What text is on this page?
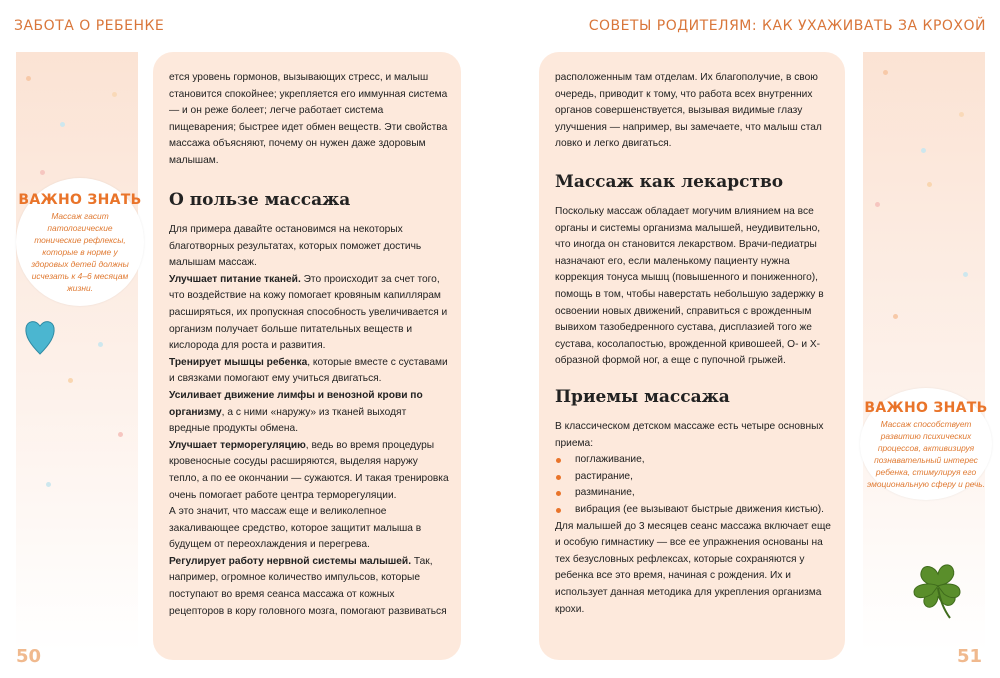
ЗАБОТА О РЕБЕНКЕ	СОВЕТЫ РОДИТЕЛЯМ: КАК УХАЖИВАТЬ ЗА КРОХОЙ
ВАЖНО ЗНАТЬ
Массаж гасит патологические тонические рефлексы, которые в норме у здоровых детей должны исчезать к 4–6 месяцам жизни.
ВАЖНО ЗНАТЬ
Массаж способствует развитию психических процессов, активизируя познавательный интерес ребенка, стимулируя его эмоциональную сферу и речь.
50	51

ется уровень гормонов, вызывающих стресс, и малыш становится спокойнее; укрепляется его иммунная система — и он реже болеет; легче работает система пищеварения; быстрее идет обмен веществ. Эти свойства массажа объясняют, почему он нужен даже здоровым малышам.

О пользе массажа

Для примера давайте остановимся на некоторых благотворных результатах, которых поможет достичь малышам массаж.

Улучшает питание тканей. Это происходит за счет того, что воздействие на кожу помогает кровяным капиллярам расширяться, их пропускная способность увеличивается и организм получает больше питательных веществ и кислорода для роста и развития.

Тренирует мышцы ребенка, которые вместе с суставами и связками помогают ему учиться двигаться.

Усиливает движение лимфы и венозной крови по организму, а с ними «наружу» из тканей выходят вредные продукты обмена.

Улучшает терморегуляцию, ведь во время процедуры кровеносные сосуды расширяются, выделяя наружу тепло, а по ее окончании — сужаются. И такая тренировка очень помогает работе центра терморегуляции.

А это значит, что массаж еще и великолепное закаливающее средство, которое защитит малыша в будущем от переохлаждения и перегрева.

Регулирует работу нервной системы малышей. Так, например, огромное количество импульсов, которые поступают во время сеанса массажа от кожных рецепторов в кору головного мозга, помогают развиваться

расположенным там отделам. Их благополучие, в свою очередь, приводит к тому, что работа всех внутренних органов совершенствуется, вызывая видимые глазу улучшения — например, вы замечаете, что малыш стал ловко и легко двигаться.

Массаж как лекарство

Поскольку массаж обладает могучим влиянием на все органы и системы организма малышей, неудивительно, что иногда он становится лекарством. Врачи-педиатры назначают его, если маленькому пациенту нужна коррекция тонуса мышц (повышенного и пониженного), помощь в том, чтобы наверстать небольшую задержку в освоении новых движений, справиться с врожденным вывихом тазобедренного сустава, дисплазией того же сустава, косолапостью, врожденной кривошеей, О- и Х-образной формой ног, а еще с пупочной грыжей.

Приемы массажа

В классическом детском массаже есть четыре основных приема:

поглаживание,
растирание,
разминание,
вибрация (ее вызывают быстрые движения кистью).

Для малышей до 3 месяцев сеанс массажа включает еще и особую гимнастику — все ее упражнения основаны на тех безусловных рефлексах, которые сохраняются у ребенка все это время, начиная с рождения. Их и использует данная методика для укрепления организма крохи.
